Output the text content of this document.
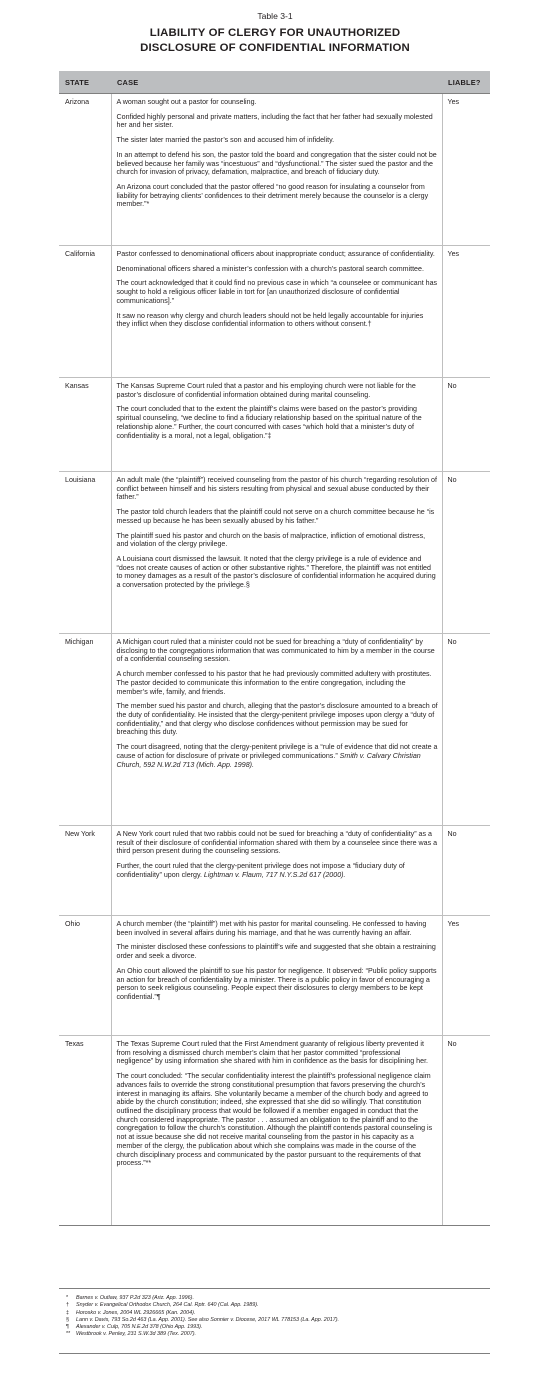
Table 3-1
LIABILITY OF CLERGY FOR UNAUTHORIZED
DISCLOSURE OF CONFIDENTIAL INFORMATION
STATE	CASE	LIABLE?
Arizona	A woman sought out a pastor for counseling.

Confided highly personal and private matters, including the fact that her father had sexually molested her and her sister.

The sister later married the pastor’s son and accused him of infidelity.

In an attempt to defend his son, the pastor told the board and congregation that the sister could not be believed because her family was “incestuous” and “dysfunctional.” The sister sued the pastor and the church for invasion of privacy, defamation, malpractice, and breach of fiduciary duty.

An Arizona court concluded that the pastor offered “no good reason for insulating a counselor from liability for betraying clients’ confidences to their detriment merely because the counselor is a clergy member.”*	Yes
California	Pastor confessed to denominational officers about inappropriate conduct; assurance of confidentiality.

Denominational officers shared a minister’s confession with a church’s pastoral search committee.

The court acknowledged that it could find no previous case in which “a counselee or communicant has sought to hold a religious officer liable in tort for [an unauthorized disclosure of confidential communications].”

It saw no reason why clergy and church leaders should not be held legally accountable for injuries they inflict when they disclose confidential information to others without consent.†	Yes
Kansas	The Kansas Supreme Court ruled that a pastor and his employing church were not liable for the pastor’s disclosure of confidential information obtained during marital counseling.

The court concluded that to the extent the plaintiff’s claims were based on the pastor’s providing spiritual counseling, “we decline to find a fiduciary relationship based on the spiritual nature of the relationship alone.” Further, the court concurred with cases “which hold that a minister’s duty of confidentiality is a moral, not a legal, obligation.”‡	No
Louisiana	An adult male (the “plaintiff”) received counseling from the pastor of his church “regarding resolution of conflict between himself and his sisters resulting from physical and sexual abuse conducted by their father.”

The pastor told church leaders that the plaintiff could not serve on a church committee because he “is messed up because he has been sexually abused by his father.”

The plaintiff sued his pastor and church on the basis of malpractice, infliction of emotional distress, and violation of the clergy privilege.

A Louisiana court dismissed the lawsuit. It noted that the clergy privilege is a rule of evidence and “does not create causes of action or other substantive rights.” Therefore, the plaintiff was not entitled to money damages as a result of the pastor’s disclosure of confidential information he acquired during a conversation protected by the privilege.§	No
Michigan	A Michigan court ruled that a minister could not be sued for breaching a “duty of confidentiality” by disclosing to the congregations information that was communicated to him by a member in the course of a confidential counseling session.

A church member confessed to his pastor that he had previously committed adultery with prostitutes. The pastor decided to communicate this information to the entire congregation, including the member’s wife, family, and friends.

The member sued his pastor and church, alleging that the pastor’s disclosure amounted to a breach of the duty of confidentiality. He insisted that the clergy-penitent privilege imposes upon clergy a “duty of confidentiality,” and that clergy who disclose confidences without permission may be sued for breaching this duty.

The court disagreed, noting that the clergy-penitent privilege is a “rule of evidence that did not create a cause of action for disclosure of private or privileged communications.” Smith v. Calvary Christian Church, 592 N.W.2d 713 (Mich. App. 1998).	No
New York	A New York court ruled that two rabbis could not be sued for breaching a “duty of confidentiality” as a result of their disclosure of confidential information shared with them by a counselee since there was a third person present during the counseling sessions.

Further, the court ruled that the clergy-penitent privilege does not impose a “fiduciary duty of confidentiality” upon clergy. Lightman v. Flaum, 717 N.Y.S.2d 617 (2000).	No
Ohio	A church member (the “plaintiff”) met with his pastor for marital counseling. He confessed to having been involved in several affairs during his marriage, and that he was currently having an affair.

The minister disclosed these confessions to plaintiff’s wife and suggested that she obtain a restraining order and seek a divorce.

An Ohio court allowed the plaintiff to sue his pastor for negligence. It observed: “Public policy supports an action for breach of confidentiality by a minister. There is a public policy in favor of encouraging a person to seek religious counseling. People expect their disclosures to clergy members to be kept confidential.”¶	Yes
Texas	The Texas Supreme Court ruled that the First Amendment guaranty of religious liberty prevented it from resolving a dismissed church member’s claim that her pastor committed “professional negligence” by using information she shared with him in confidence as the basis for disciplining her.

The court concluded: “The secular confidentiality interest the plaintiff’s professional negligence claim advances fails to override the strong constitutional presumption that favors preserving the church’s interest in managing its affairs. She voluntarily became a member of the church body and agreed to abide by the church constitution; indeed, she expressed that she did so willingly. That constitution outlined the disciplinary process that would be followed if a member engaged in conduct that the church considered inappropriate. The pastor . . . assumed an obligation to the plaintiff and to the congregation to follow the church’s constitution. Although the plaintiff contends pastoral counseling is not at issue because she did not receive marital counseling from the pastor in his capacity as a member of the clergy, the publication about which she complains was made in the course of the church disciplinary process and communicated by the pastor pursuant to the requirements of that process.”**	No
* Barnes v. Outlaw, 937 P.2d 323 (Ariz. App. 1996).
† Snyder v. Evangelical Orthodox Church, 264 Cal. Rptr. 640 (Cal. App. 1989).
‡ Horosko v. Jones, 2004 WL 2926665 (Kan. 2004).
§ Lann v. Davis, 793 So.2d 463 (La. App. 2001). See also Sonnier v. Diocese, 2017 WL 778153 (La. App. 2017).
¶ Alexander v. Culp, 705 N.E.2d 378 (Ohio App. 1993).
** Westbrook v. Penley, 231 S.W.3d 389 (Tex. 2007).
